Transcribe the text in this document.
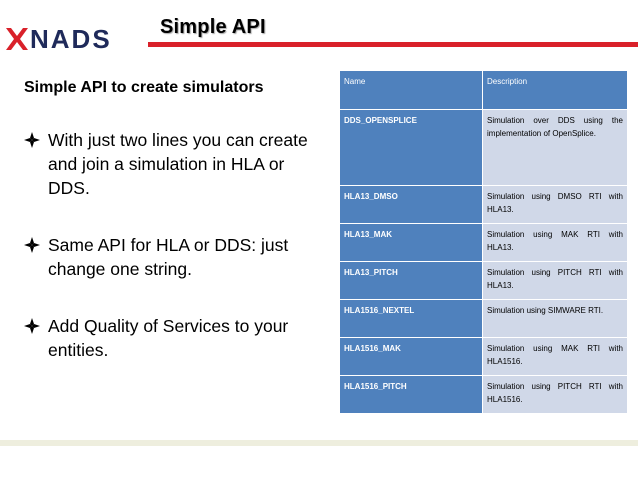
NADS Simple API
Simple API to create simulators
With just two lines you can create and join a simulation in HLA or DDS.
Same API for HLA or DDS: just change one string.
Add Quality of Services to your entities.
Name	Description
DDS_OPENSPLICE	Simulation over DDS using the implementation of OpenSplice.
HLA13_DMSO	Simulation using DMSO RTI with HLA13.
HLA13_MAK	Simulation using MAK RTI with HLA13.
HLA13_PITCH	Simulation using PITCH RTI with HLA13.
HLA1516_NEXTEL	Simulation using SIMWARE RTI.
HLA1516_MAK	Simulation using MAK RTI with HLA1516.
HLA1516_PITCH	Simulation using PITCH RTI with HLA1516.
